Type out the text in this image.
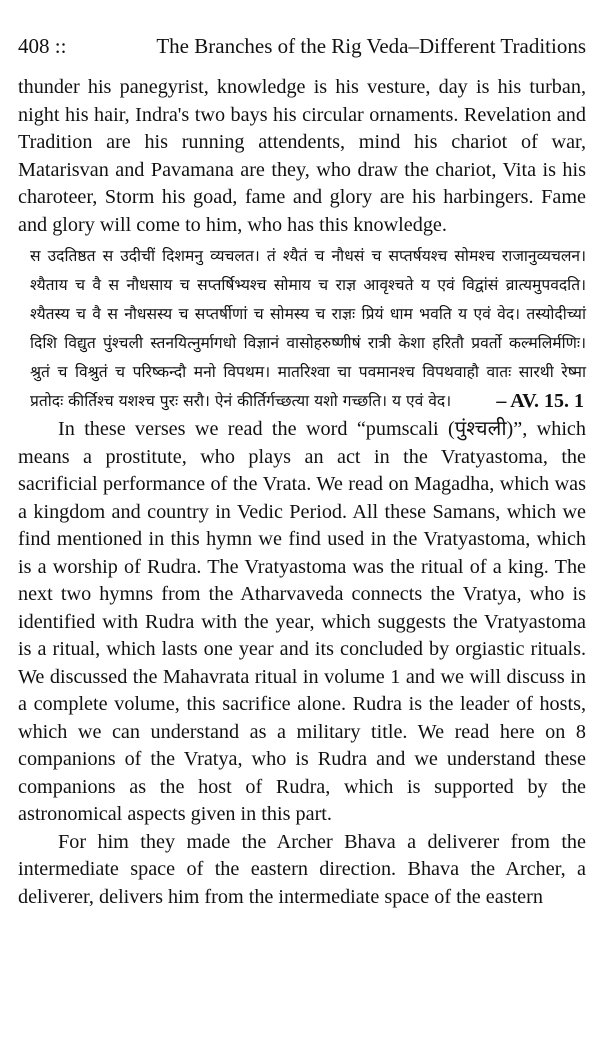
408 ::	The Branches of the Rig Veda–Different Traditions

thunder his panegyrist, knowledge is his vesture, day is his turban, night his hair, Indra's two bays his circular ornaments. Revelation and Tradition are his running attendents, mind his chariot of war, Matarisvan and Pavamana are they, who draw the chariot, Vita is his charoteer, Storm his goad, fame and glory are his harbingers. Fame and glory will come to him, who has this knowledge.

स उदतिष्ठत स उदीचीं दिशमनु व्यचलत। तं श्यैतं च नौधसं च सप्तर्षयश्च सोमश्च राजानुव्यचलन। श्यैताय च वै स नौधसाय च सप्तर्षिभ्यश्च सोमाय च राज्ञ आवृश्चते य एवं विद्वांसं व्रात्यमुपवदति। श्यैतस्य च वै स नौधसस्य च सप्तर्षीणां च सोमस्य च राज्ञः प्रियं धाम भवति य एवं वेद। तस्योदीच्यां दिशि विद्युत पुंश्चली स्तनयित्नुर्मागधो विज्ञानं वासोहरुष्णीषं रात्री केशा हरितौ प्रवर्तो कल्मलिर्मणिः। श्रुतं च विश्रुतं च परिष्कन्दौ मनो विपथम। मातरिश्वा चा पवमानश्च विपथवाहौ वातः सारथी रेष्मा प्रतोदः कीर्तिश्च यशश्च पुरः सरौ। ऐनं कीर्तिर्गच्छत्या यशो गच्छति। य एवं वेद। – AV. 15. 1

In these verses we read the word “pumscali (पुंश्चली)”, which means a prostitute, who plays an act in the Vratyastoma, the sacrificial performance of the Vrata. We read on Magadha, which was a kingdom and country in Vedic Period. All these Samans, which we find mentioned in this hymn we find used in the Vratyastoma, which is a worship of Rudra. The Vratyastoma was the ritual of a king. The next two hymns from the Atharvaveda connects the Vratya, who is identified with Rudra with the year, which suggests the Vratyastoma is a ritual, which lasts one year and its concluded by orgiastic rituals. We discussed the Mahavrata ritual in volume 1 and we will discuss in a complete volume, this sacrifice alone. Rudra is the leader of hosts, which we can understand as a military title. We read here on 8 companions of the Vratya, who is Rudra and we understand these companions as the host of Rudra, which is supported by the astronomical aspects given in this part.

For him they made the Archer Bhava a deliverer from the intermediate space of the eastern direction. Bhava the Archer, a deliverer, delivers him from the intermediate space of the eastern
